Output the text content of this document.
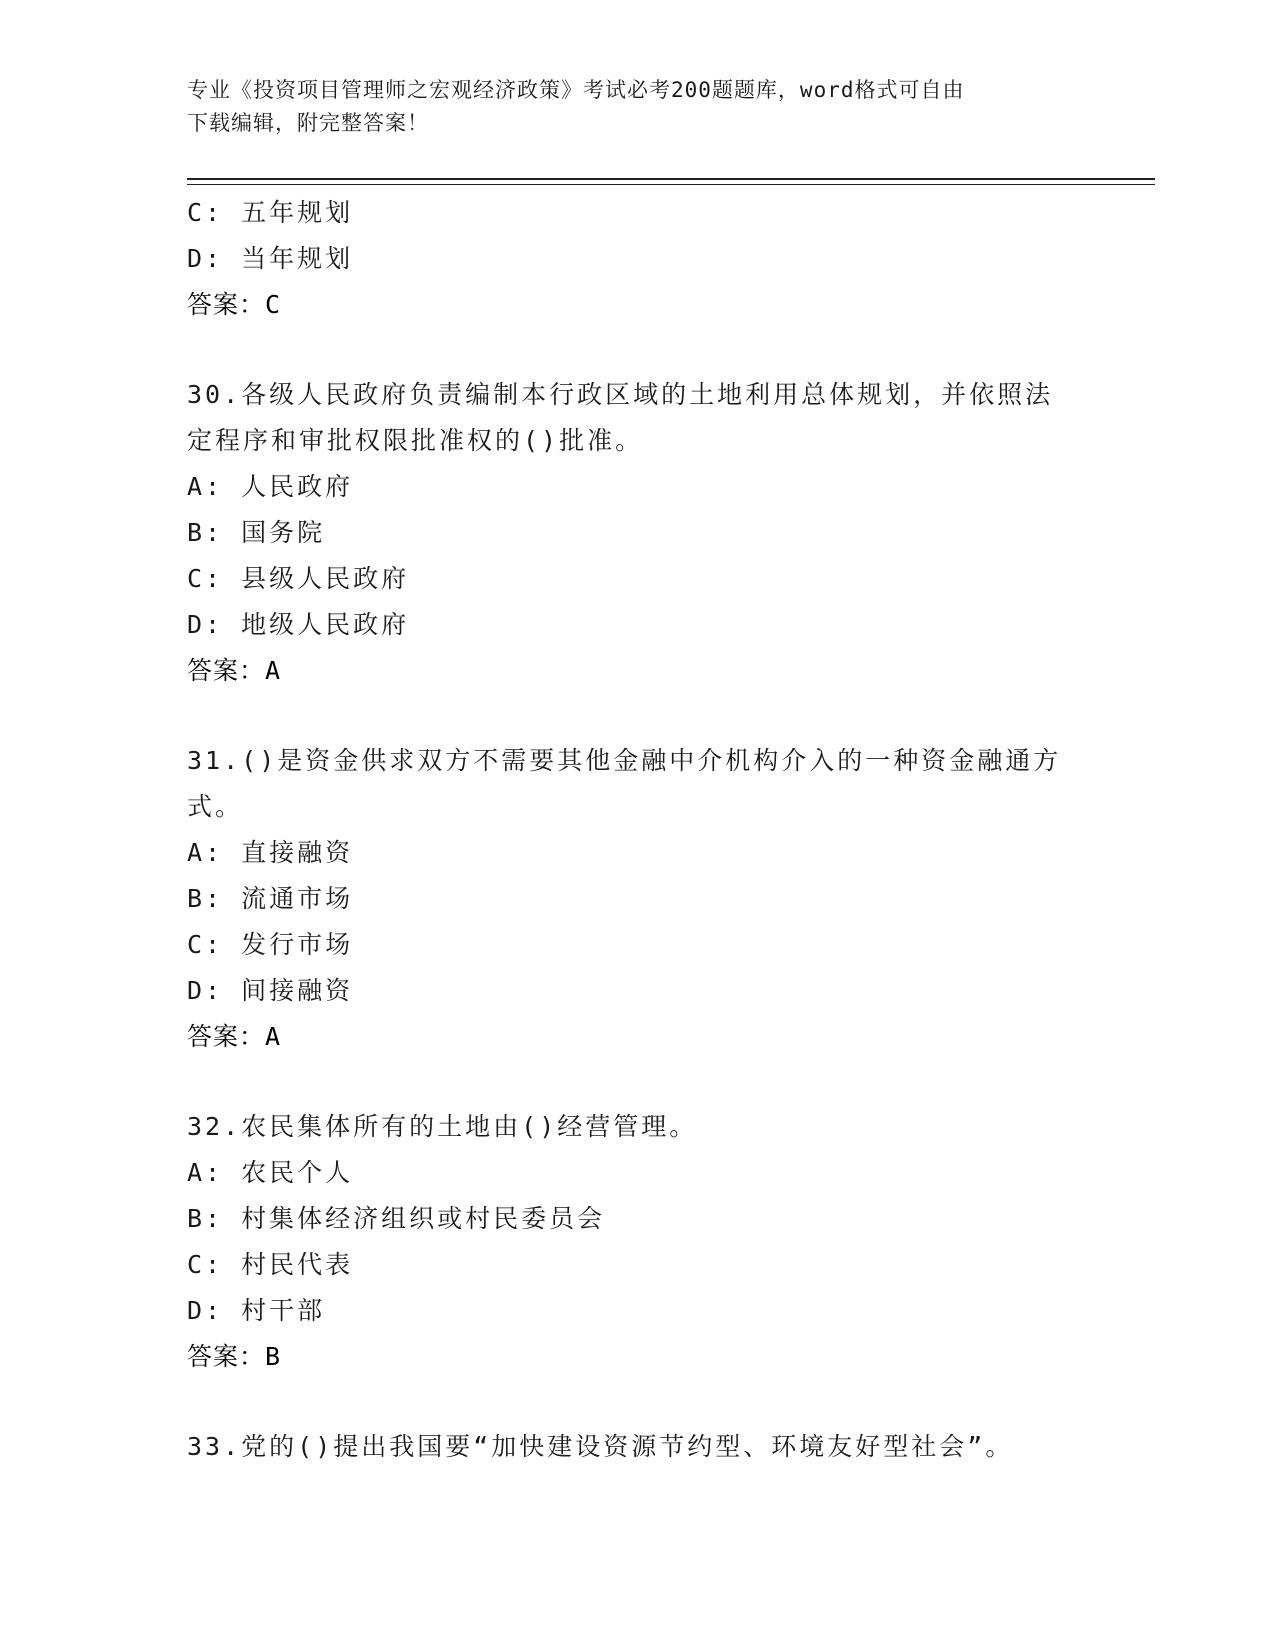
专业《投资项目管理师之宏观经济政策》考试必考200题题库，word格式可自由
下载编辑，附完整答案！
C: 五年规划
D: 当年规划
答案：C
30.各级人民政府负责编制本行政区域的土地利用总体规划，并依照法
定程序和审批权限批准权的()批准。
A: 人民政府
B: 国务院
C: 县级人民政府
D: 地级人民政府
答案：A
31.()是资金供求双方不需要其他金融中介机构介入的一种资金融通方
式。
A: 直接融资
B: 流通市场
C: 发行市场
D: 间接融资
答案：A
32.农民集体所有的土地由()经营管理。
A: 农民个人
B: 村集体经济组织或村民委员会
C: 村民代表
D: 村干部
答案：B
33.党的()提出我国要“加快建设资源节约型、环境友好型社会”。
